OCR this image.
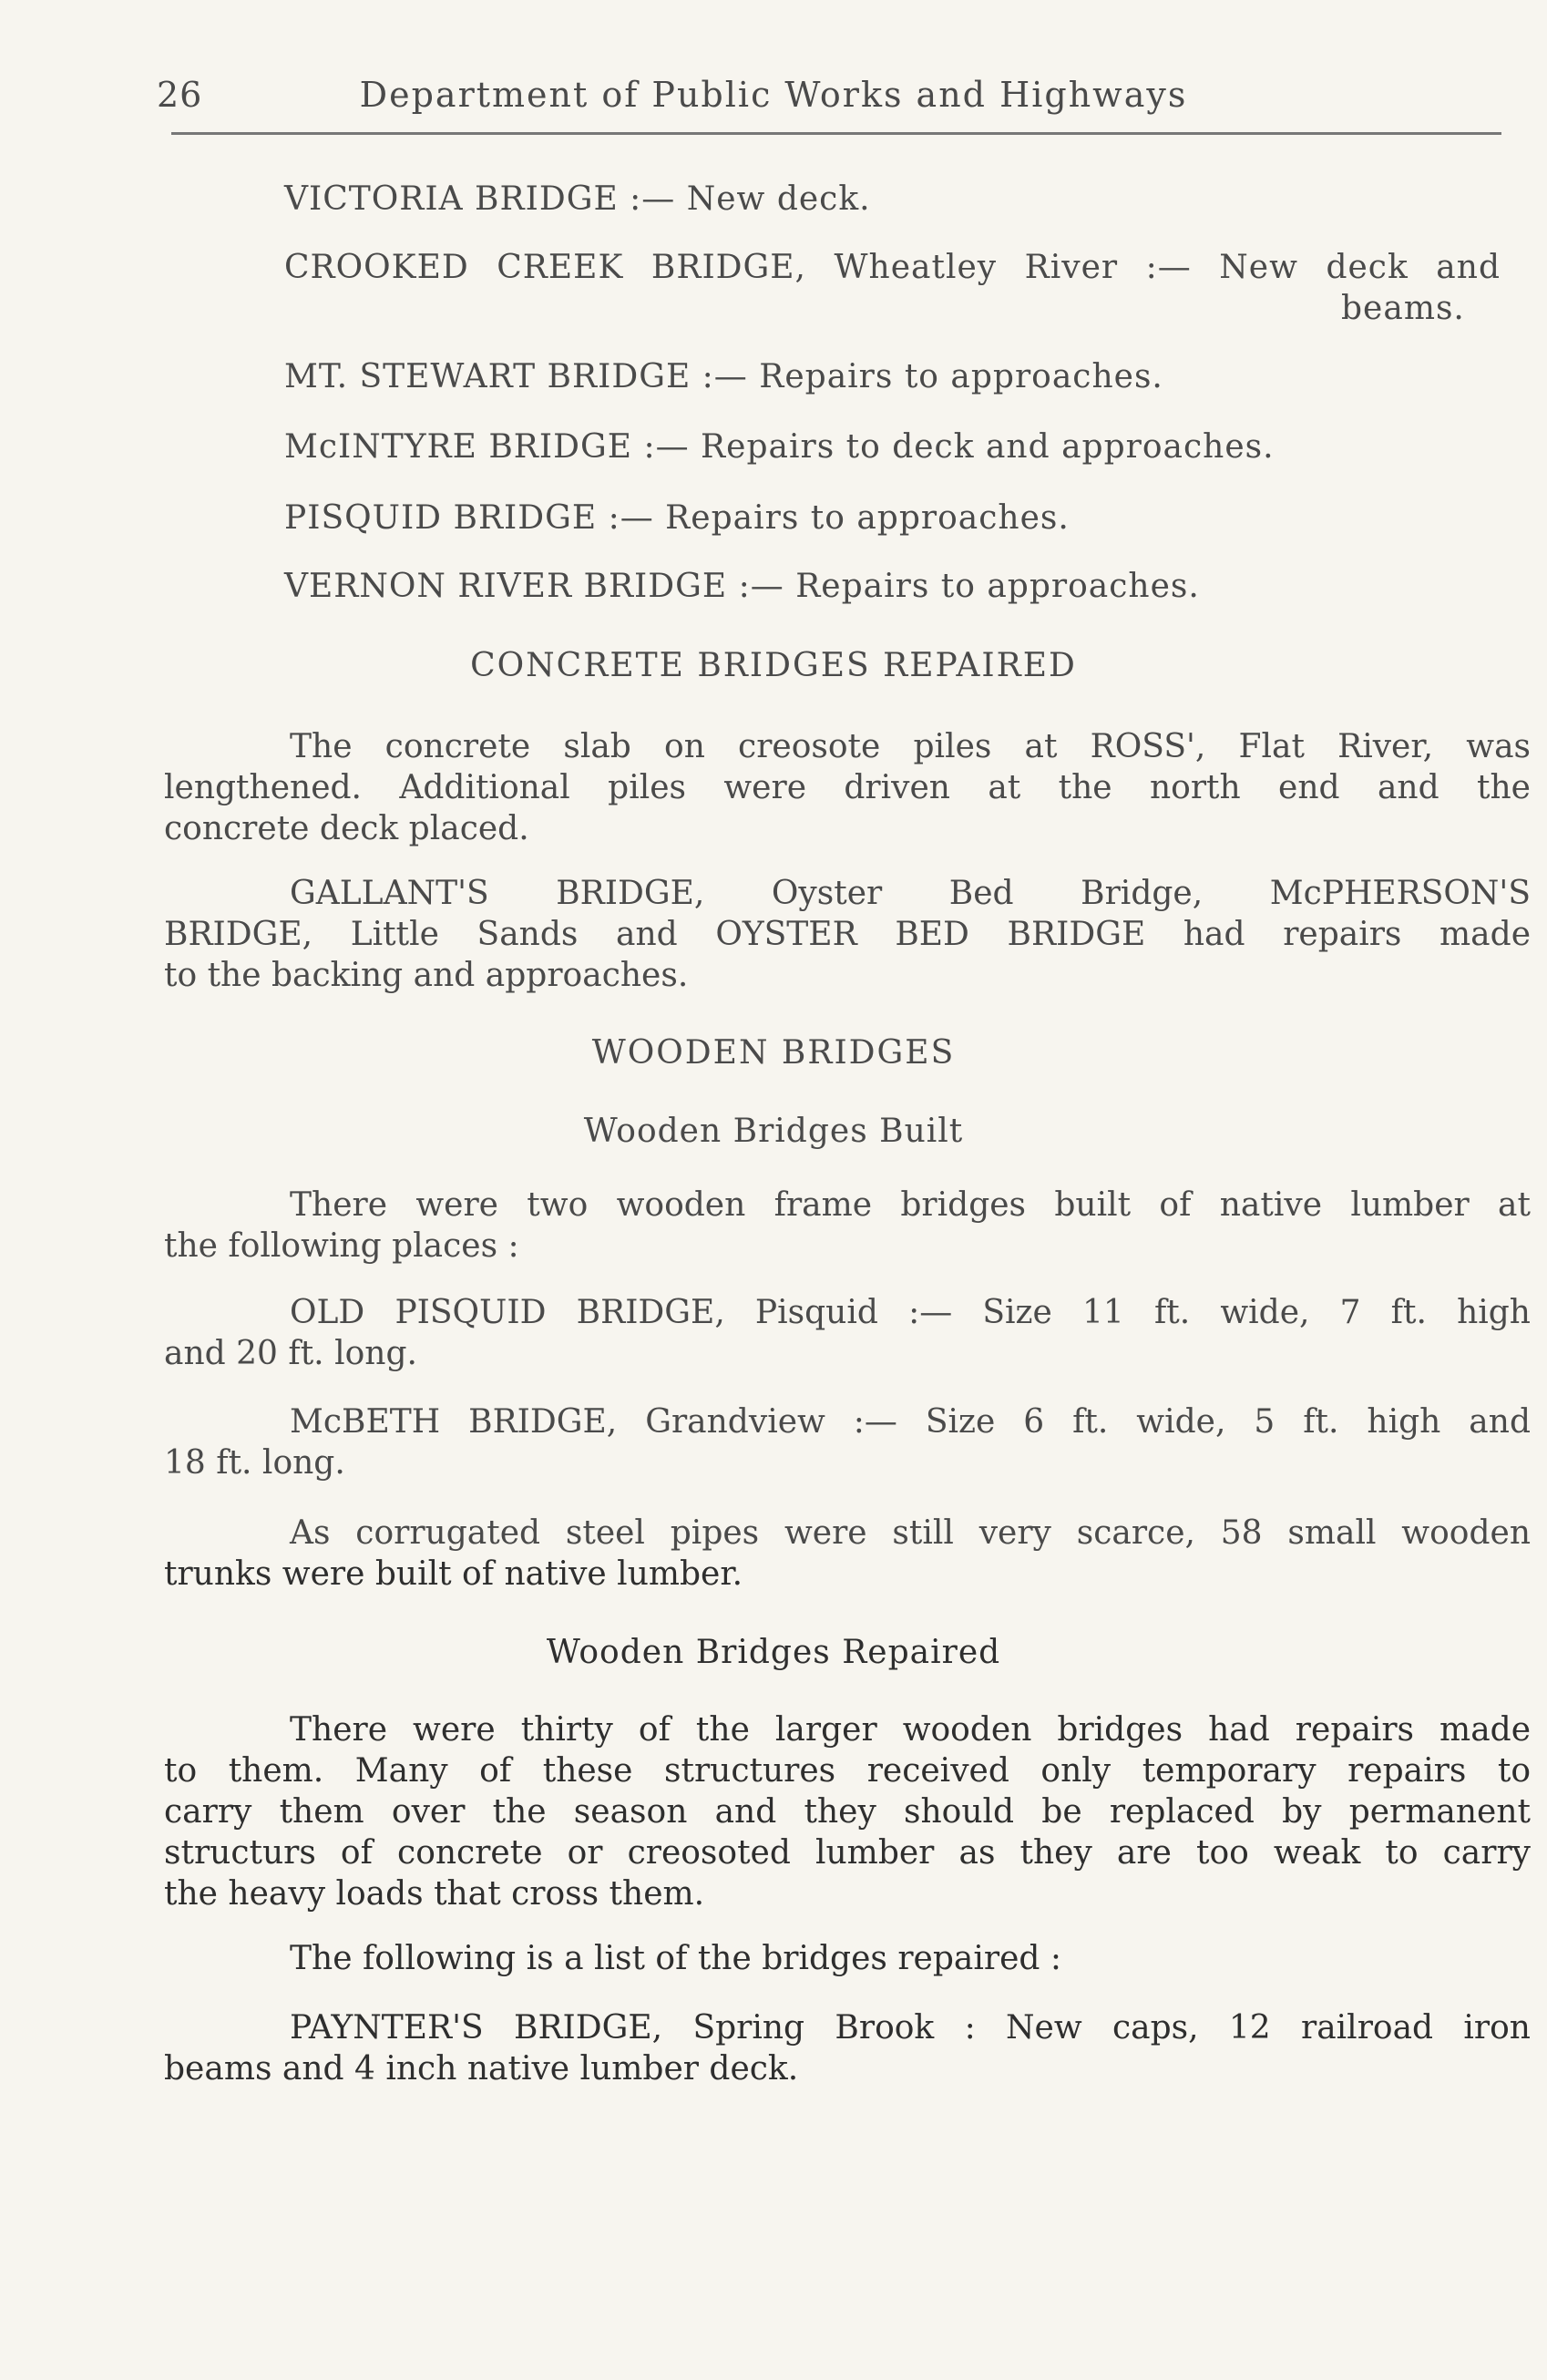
Department of Public Works and Highways
26
VICTORIA BRIDGE :— New deck.
CROOKED CREEK BRIDGE, Wheatley River :— New deck and
beams.
MT. STEWART BRIDGE :— Repairs to approaches.
McINTYRE BRIDGE :— Repairs to deck and approaches.
PISQUID BRIDGE :— Repairs to approaches.
VERNON RIVER BRIDGE :— Repairs to approaches.
CONCRETE BRIDGES REPAIRED
The concrete slab on creosote piles at ROSS', Flat River, was
lengthened. Additional piles were driven at the north end and the
concrete deck placed.
GALLANT'S BRIDGE, Oyster Bed Bridge, McPHERSON'S
BRIDGE, Little Sands and OYSTER BED BRIDGE had repairs made
to the backing and approaches.
WOODEN BRIDGES
Wooden Bridges Built
There were two wooden frame bridges built of native lumber at
the following places :
OLD PISQUID BRIDGE, Pisquid :— Size 11 ft. wide, 7 ft. high
and 20 ft. long.
McBETH BRIDGE, Grandview :— Size 6 ft. wide, 5 ft. high and
18 ft. long.
As corrugated steel pipes were still very scarce, 58 small wooden
trunks were built of native lumber.
Wooden Bridges Repaired
There were thirty of the larger wooden bridges had repairs made
to them. Many of these structures received only temporary repairs to
carry them over the season and they should be replaced by permanent
structurs of concrete or creosoted lumber as they are too weak to carry
the heavy loads that cross them.
The following is a list of the bridges repaired :
PAYNTER'S BRIDGE, Spring Brook : New caps, 12 railroad iron
beams and 4 inch native lumber deck.
